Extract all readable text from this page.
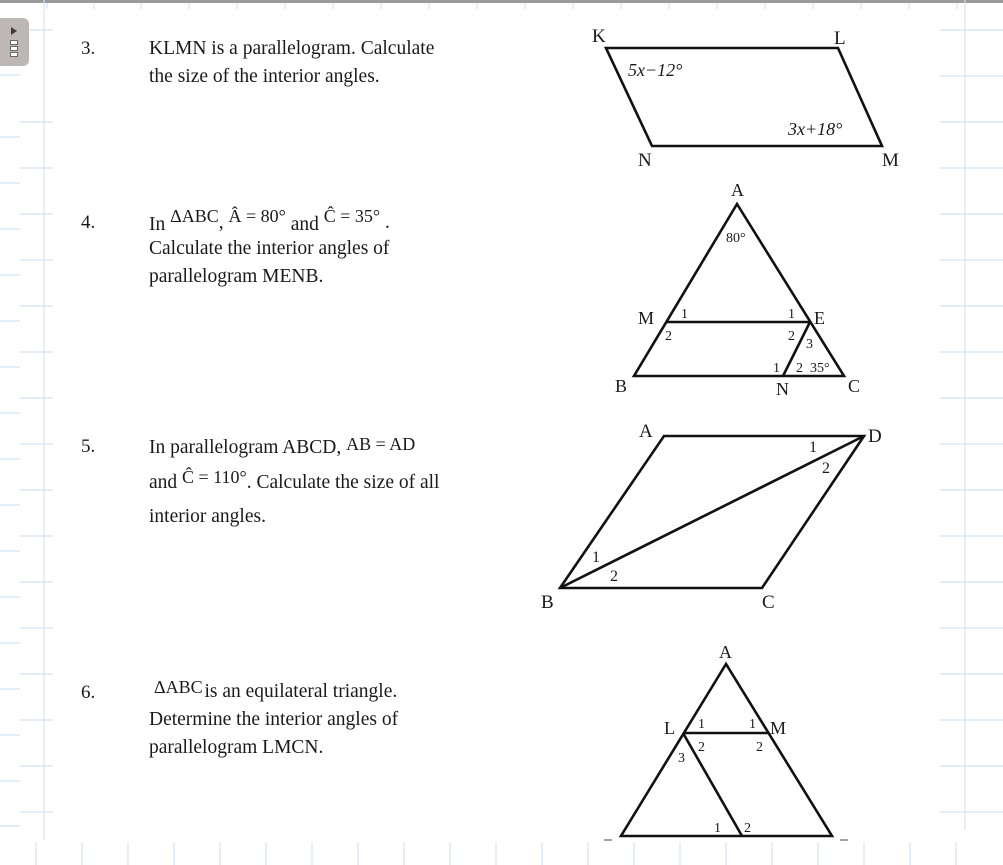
3.	KLMN is a parallelogram. Calculate
the size of the interior angles.
K	L
M
N
5x−12°
3x+18°
4.	In ΔABC, Â = 80° and Ĉ = 35° .
Calculate the interior angles of
parallelogram MENB.
A
B	C
M	E
N
80°
1
2
1
2
3
1 2 35°
5.	In parallelogram ABCD, AB = AD
and Ĉ = 110°. Calculate the size of all
interior angles.
A
B	C
D
1
2
1
2
6.	ΔABC is an equilateral triangle.
Determine the interior angles of
parallelogram LMCN.
A
L	M
1
2
3
1
2
1 2
